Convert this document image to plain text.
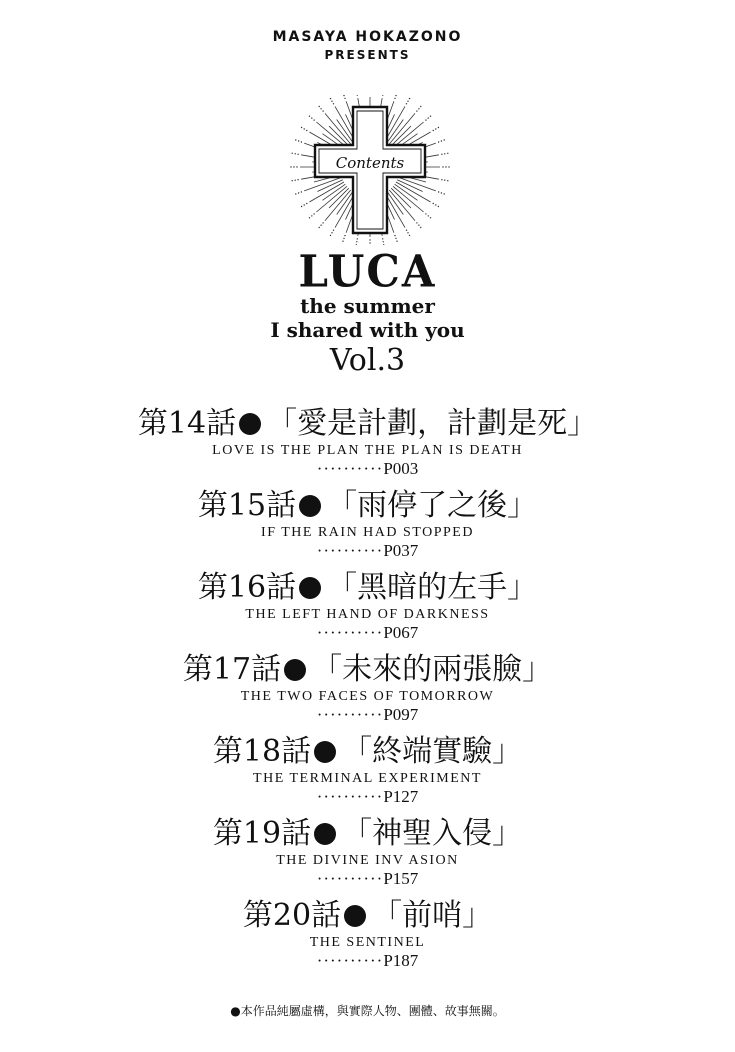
MASAYA HOKAZONO
PRESENTS
Contents
LUCA
the summer
I shared with you
Vol.3
第14話 「愛是計劃，計劃是死」
LOVE IS THE PLAN THE PLAN IS DEATH
··········P003
第15話 「雨停了之後」
IF THE RAIN HAD STOPPED
··········P037
第16話 「黑暗的左手」
THE LEFT HAND OF DARKNESS
··········P067
第17話 「未來的兩張臉」
THE TWO FACES OF TOMORROW
··········P097
第18話 「終端實驗」
THE TERMINAL EXPERIMENT
··········P127
第19話 「神聖入侵」
THE DIVINE INV ASION
··········P157
第20話 「前哨」
THE SENTINEL
··········P187
●本作品純屬虛構，與實際人物、團體、故事無關。
